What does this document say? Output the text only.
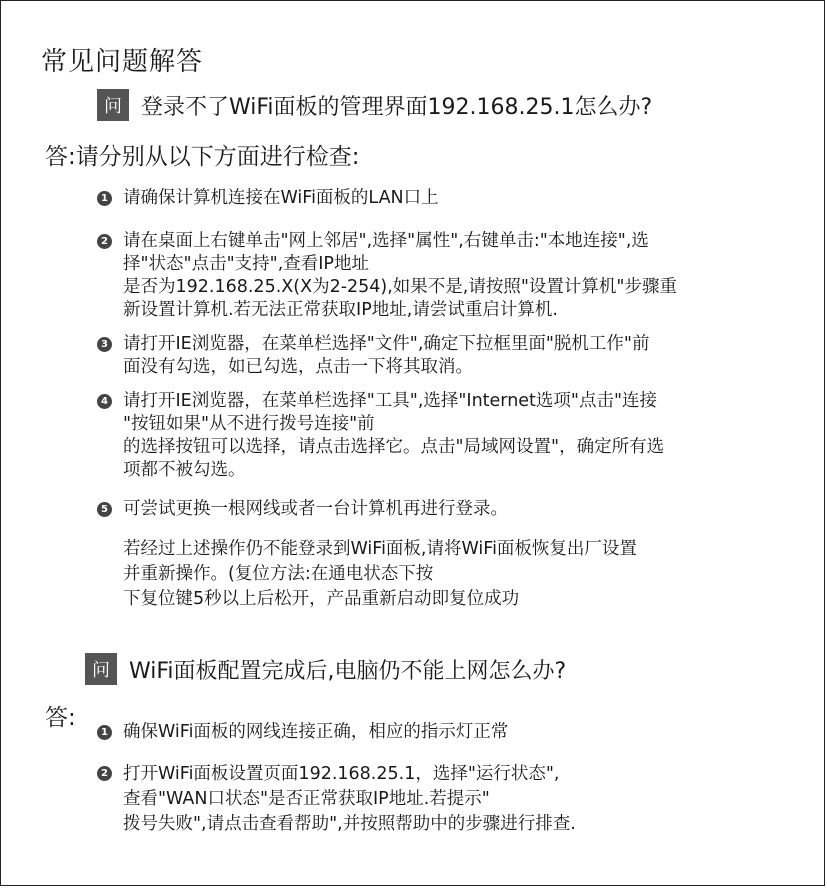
常见问题解答
问 登录不了WiFi面板的管理界面192.168.25.1怎么办?
答:请分别从以下方面进行检查:
1 请确保计算机连接在WiFi面板的LAN口上
2 请在桌面上右键单击"网上邻居",选择"属性",右键单击:"本地连接",选
择"状态"点击"支持",查看IP地址
是否为192.168.25.X(X为2-254),如果不是,请按照"设置计算机"步骤重
新设置计算机.若无法正常获取IP地址,请尝试重启计算机.
3 请打开IE浏览器，在菜单栏选择"文件",确定下拉框里面"脱机工作"前
面没有勾选，如已勾选，点击一下将其取消。
4 请打开IE浏览器，在菜单栏选择"工具",选择"Internet选项"点击"连接
"按钮如果"从不进行拨号连接"前
的选择按钮可以选择，请点击选择它。点击"局域网设置"，确定所有选
项都不被勾选。
5 可尝试更换一根网线或者一台计算机再进行登录。
若经过上述操作仍不能登录到WiFi面板,请将WiFi面板恢复出厂设置
并重新操作。(复位方法:在通电状态下按
下复位键5秒以上后松开，产品重新启动即复位成功
问 WiFi面板配置完成后,电脑仍不能上网怎么办?
答:
1 确保WiFi面板的网线连接正确，相应的指示灯正常
2 打开WiFi面板设置页面192.168.25.1，选择"运行状态",
查看"WAN口状态"是否正常获取IP地址.若提示"
拨号失败",请点击查看帮助",并按照帮助中的步骤进行排查.
